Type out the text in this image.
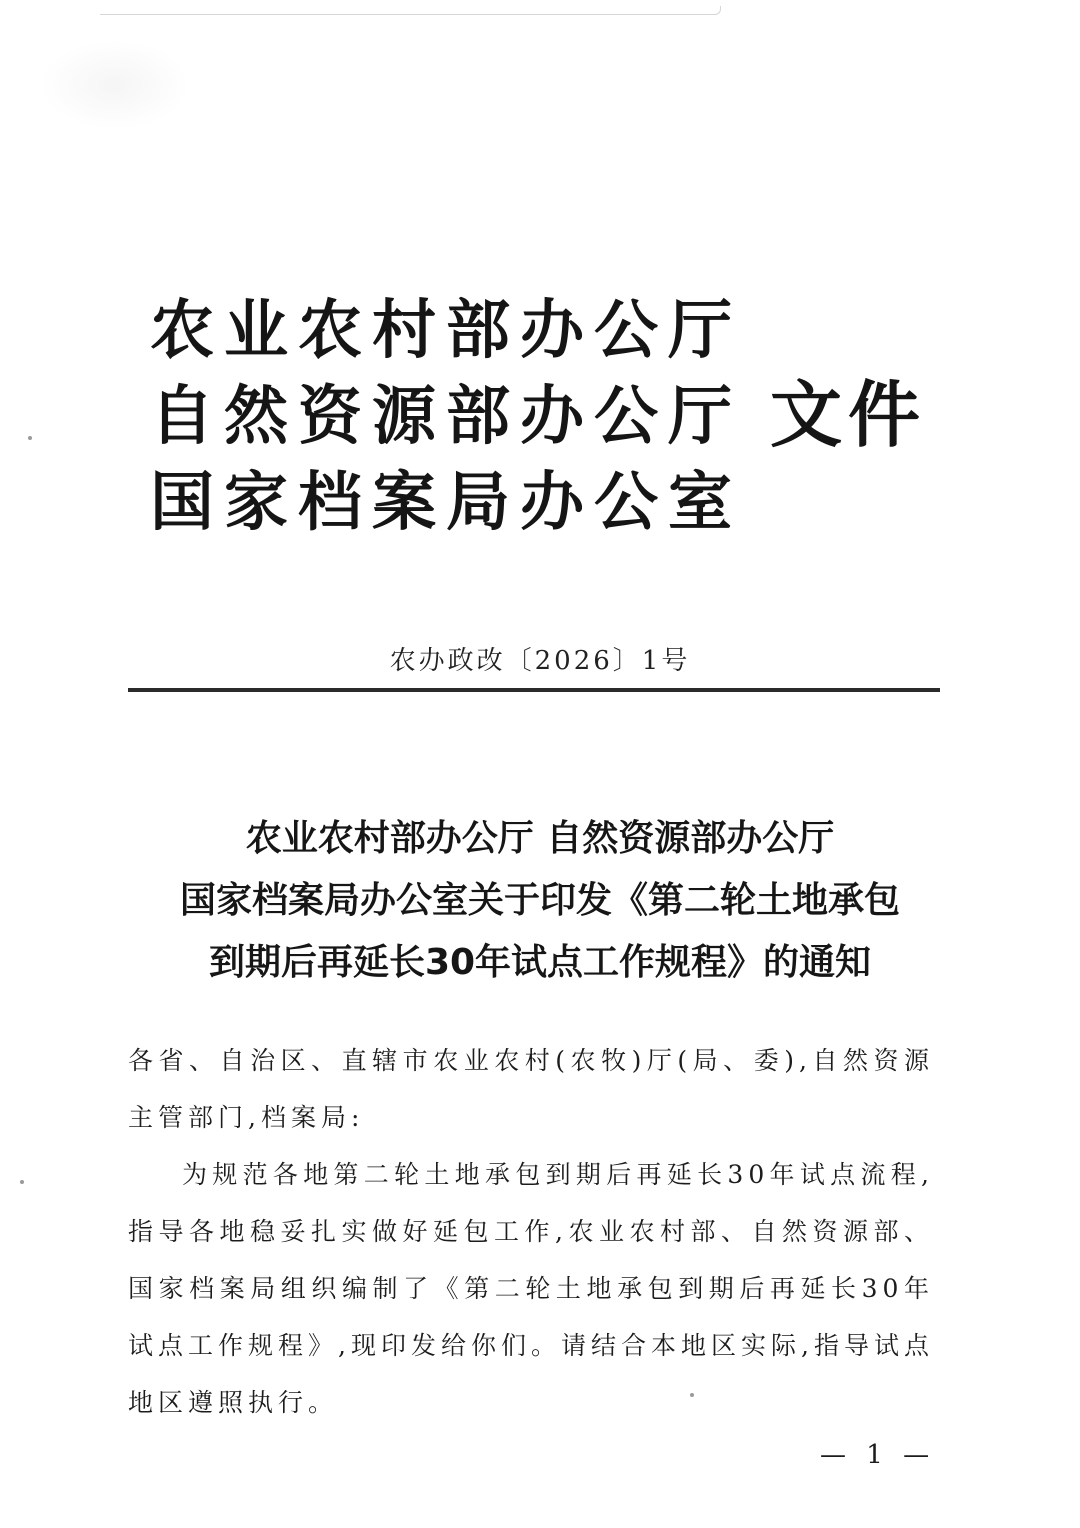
农业农村部办公厅
自然资源部办公厅
国家档案局办公室
文件
农办政改〔2026〕1号
农业农村部办公厅 自然资源部办公厅
国家档案局办公室关于印发《第二轮土地承包
到期后再延长30年试点工作规程》的通知

各省、自治区、直辖市农业农村(农牧)厅(局、委),自然资源主管部门,档案局:

为规范各地第二轮土地承包到期后再延长30年试点流程,指导各地稳妥扎实做好延包工作,农业农村部、自然资源部、国家档案局组织编制了《第二轮土地承包到期后再延长30年试点工作规程》,现印发给你们。请结合本地区实际,指导试点地区遵照执行。

— 1 —
